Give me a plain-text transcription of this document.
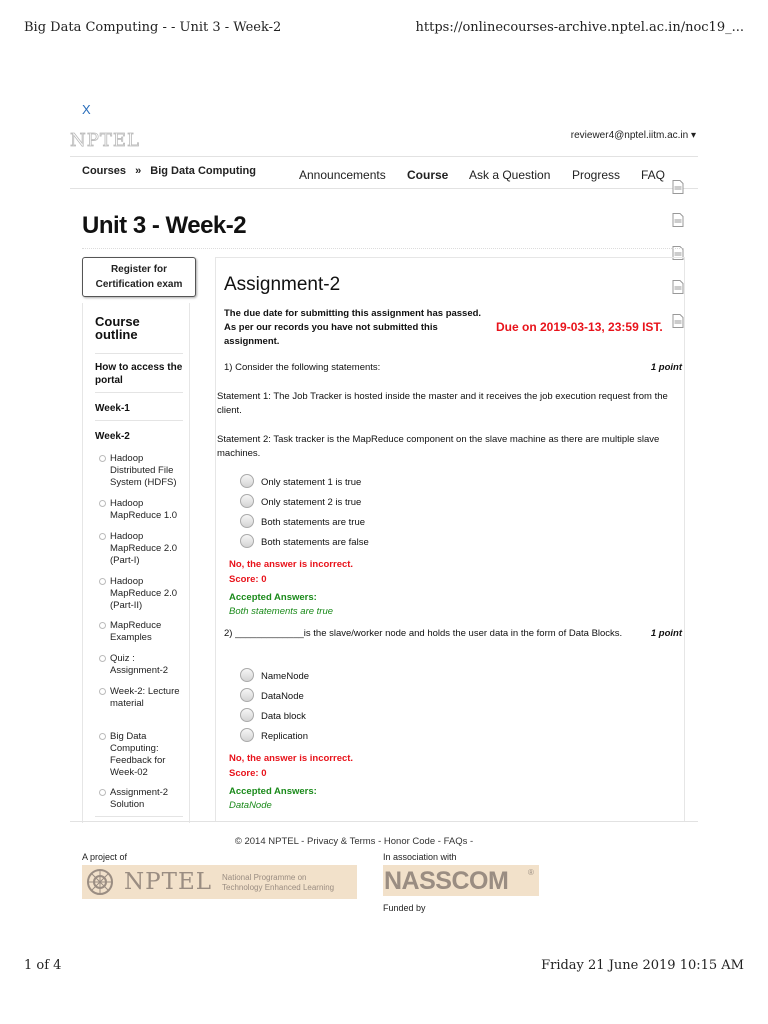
Big Data Computing - - Unit 3 - Week-2	https://onlinecourses-archive.nptel.ac.in/noc19_...
X
NPTEL	reviewer4@nptel.iitm.ac.in ▾
Courses » Big Data Computing	Announcements Course Ask a Question Progress FAQ
Unit 3 - Week-2
Register for
Certification exam
Course
outline
How to access the portal
Week-1
Week-2
Hadoop Distributed File System (HDFS)
Hadoop MapReduce 1.0
Hadoop MapReduce 2.0 (Part-I)
Hadoop MapReduce 2.0 (Part-II)
MapReduce Examples
Quiz : Assignment-2
Week-2: Lecture material
Big Data Computing: Feedback for Week-02
Assignment-2 Solution
Assignment-2
The due date for submitting this assignment has passed.
As per our records you have not submitted this assignment.
Due on 2019-03-13, 23:59 IST.
1) Consider the following statements:	1 point
Statement 1: The Job Tracker is hosted inside the master and it receives the job execution request from the client.
Statement 2: Task tracker is the MapReduce component on the slave machine as there are multiple slave machines.
Only statement 1 is true
Only statement 2 is true
Both statements are true
Both statements are false
No, the answer is incorrect.
Score: 0
Accepted Answers:
Both statements are true
1 point
2) _____________is the slave/worker node and holds the user data in the form of Data Blocks.
NameNode
DataNode
Data block
Replication
No, the answer is incorrect.
Score: 0
Accepted Answers:
DataNode
© 2014 NPTEL - Privacy & Terms - Honor Code - FAQs -
A project of	In association with
NPTEL National Programme on
Technology Enhanced Learning NASSCOM ®
Funded by
1 of 4	Friday 21 June 2019 10:15 AM
